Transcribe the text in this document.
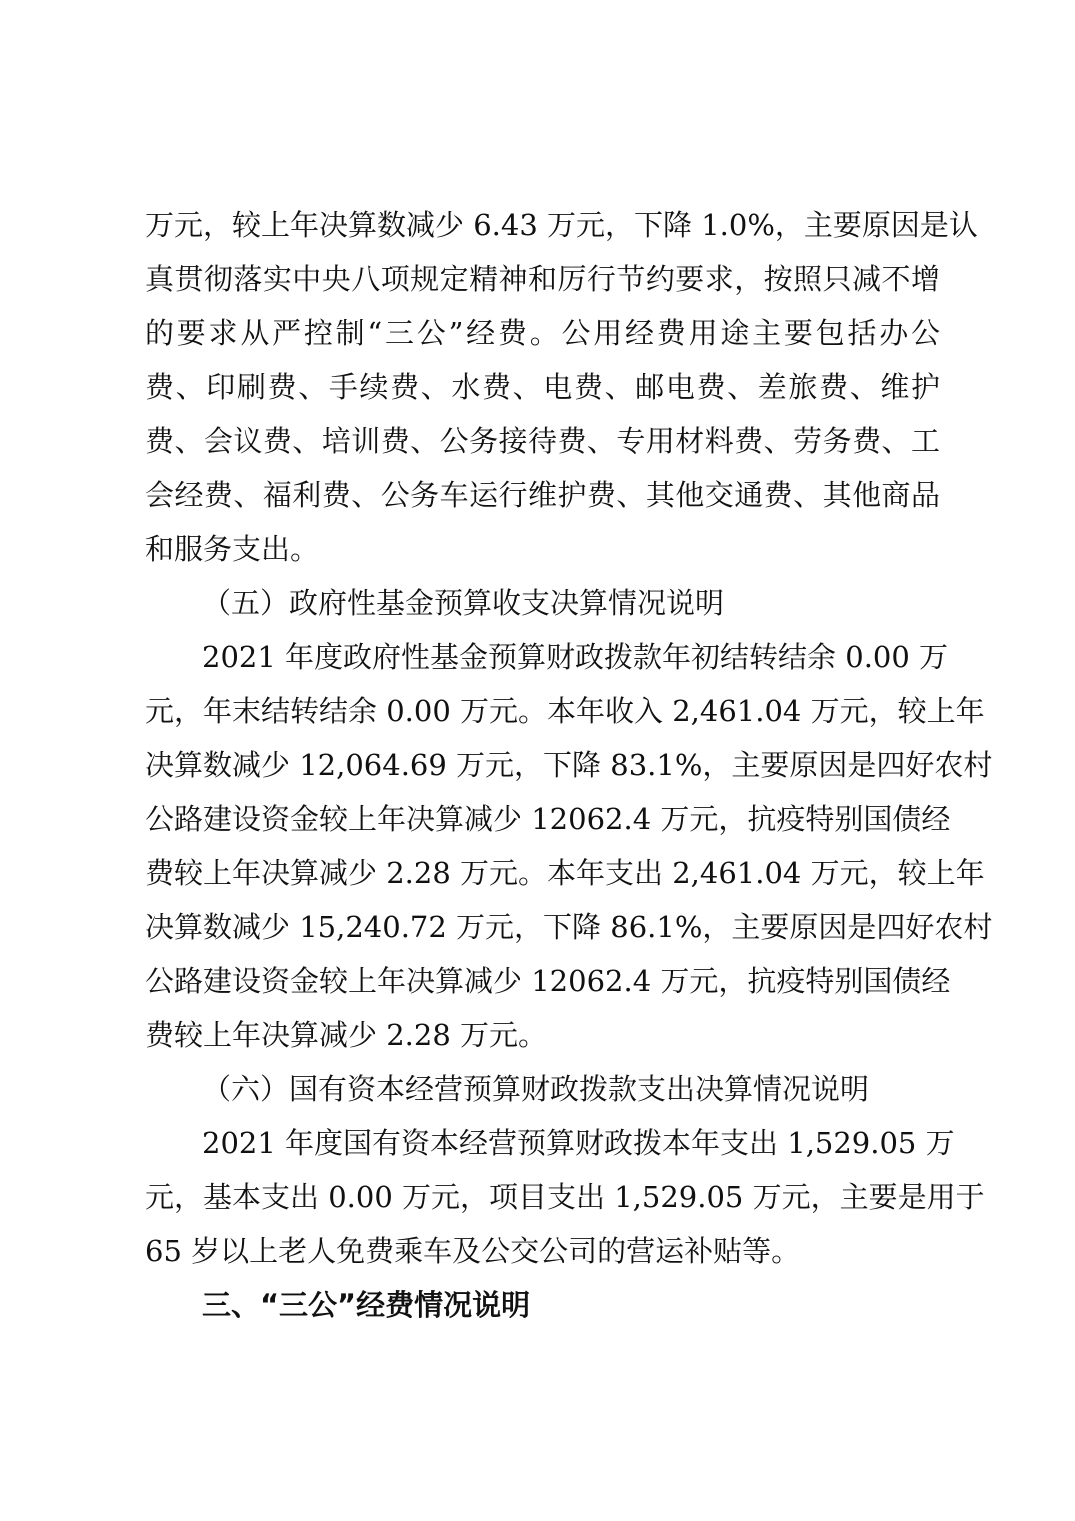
万元，较上年决算数减少 6.43 万元，下降 1.0%，主要原因是认
真贯彻落实中央八项规定精神和厉行节约要求，按照只减不增
的要求从严控制“三公”经费。公用经费用途主要包括办公
费、印刷费、手续费、水费、电费、邮电费、差旅费、维护
费、会议费、培训费、公务接待费、专用材料费、劳务费、工
会经费、福利费、公务车运行维护费、其他交通费、其他商品
和服务支出。
（五）政府性基金预算收支决算情况说明
2021 年度政府性基金预算财政拨款年初结转结余 0.00 万
元，年末结转结余 0.00 万元。本年收入 2,461.04 万元，较上年
决算数减少 12,064.69 万元，下降 83.1%，主要原因是四好农村
公路建设资金较上年决算减少 12062.4 万元，抗疫特别国债经
费较上年决算减少 2.28 万元。本年支出 2,461.04 万元，较上年
决算数减少 15,240.72 万元，下降 86.1%，主要原因是四好农村
公路建设资金较上年决算减少 12062.4 万元，抗疫特别国债经
费较上年决算减少 2.28 万元。
（六）国有资本经营预算财政拨款支出决算情况说明
2021 年度国有资本经营预算财政拨本年支出 1,529.05 万
元，基本支出 0.00 万元，项目支出 1,529.05 万元，主要是用于
65 岁以上老人免费乘车及公交公司的营运补贴等。
三、“三公”经费情况说明
